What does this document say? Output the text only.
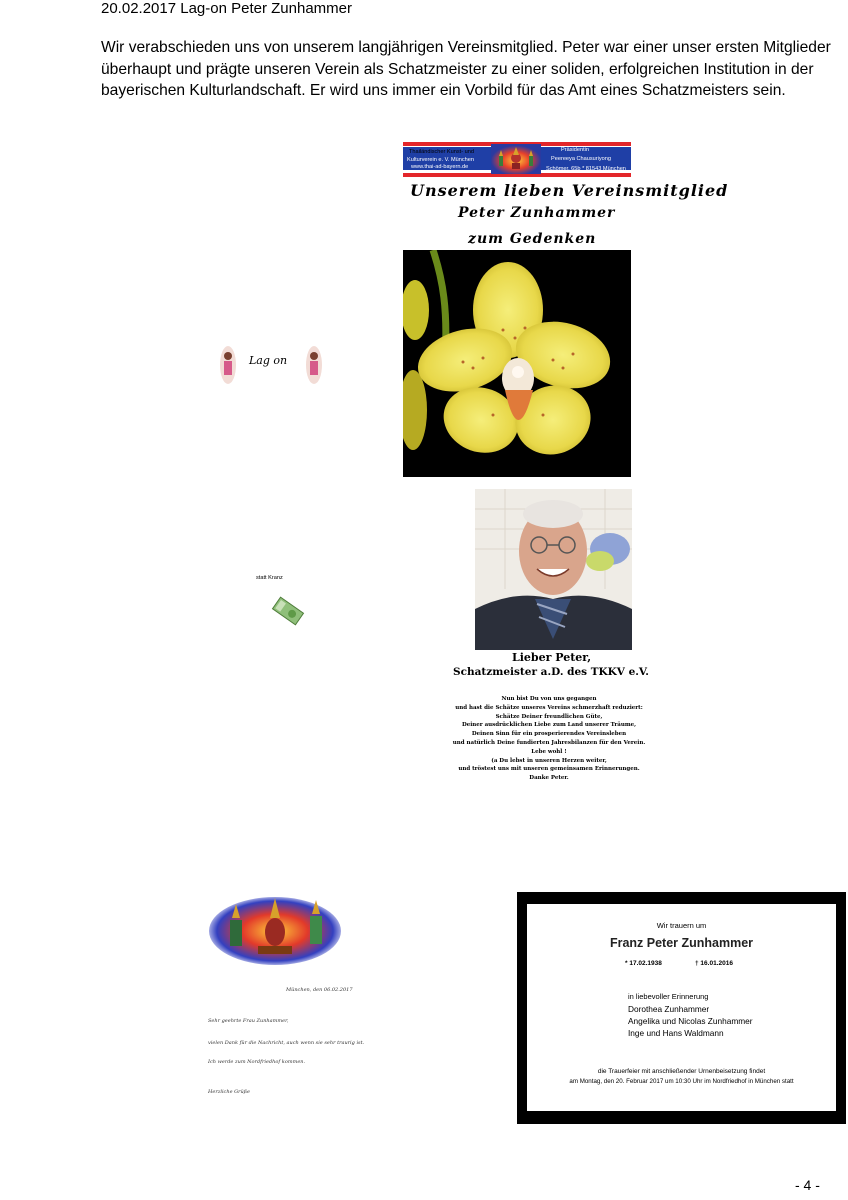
20.02.2017 Lag-on Peter Zunhammer

Wir verabschieden uns von unserem langjährigen Vereinsmitglied. Peter war einer unser ersten Mitglieder überhaupt und prägte unseren Verein als Schatzmeister zu einer soliden, erfolgreichen Institution in der bayerischen Kulturlandschaft. Er wird uns immer ein Vorbild für das Amt eines Schatzmeisters sein.

Thailändischer Kunst- und
Kulturverein e. V. München
www.thai-ad-bayern.de
Präsidentin
Peereeya Chausuriyong
Schömer. 65b * 81543 München
Unserem lieben Vereinsmitglied
Peter Zunhammer
zum Gedenken
Lag on
statt Kranz
Lieber Peter,
Schatzmeister a.D. des TKKV e.V.
Nun bist Du von uns gegangen
und hast die Schätze unseres Vereins schmerzhaft reduziert:
Schätze Deiner freundlichen Güte,
Deiner ausdrücklichen Liebe zum Land unserer Träume,
Deinen Sinn für ein prosperierendes Vereinsleben
und natürlich Deine fundierten Jahresbilanzen für den Verein.
Lebe wohl !
(a Du lebst in unseren Herzen weiter,
und tröstest uns mit unseren gemeinsamen Erinnerungen.
Danke Peter.
München, den 06.02.2017
Sehr geehrte Frau Zunhammer,
vielen Dank für die Nachricht, auch wenn sie sehr traurig ist.
Ich werde zum Nordfriedhof kommen.
Herzliche Grüße
Wir trauern um
Franz Peter Zunhammer
* 17.02.1938	† 16.01.2016
in liebevoller Erinnerung
Dorothea Zunhammer
Angelika und Nicolas Zunhammer
Inge und Hans Waldmann
die Trauerfeier mit anschließender Urnenbeisetzung findet
am Montag, den 20. Februar 2017 um 10:30 Uhr im Nordfriedhof in München statt
- 4 -
